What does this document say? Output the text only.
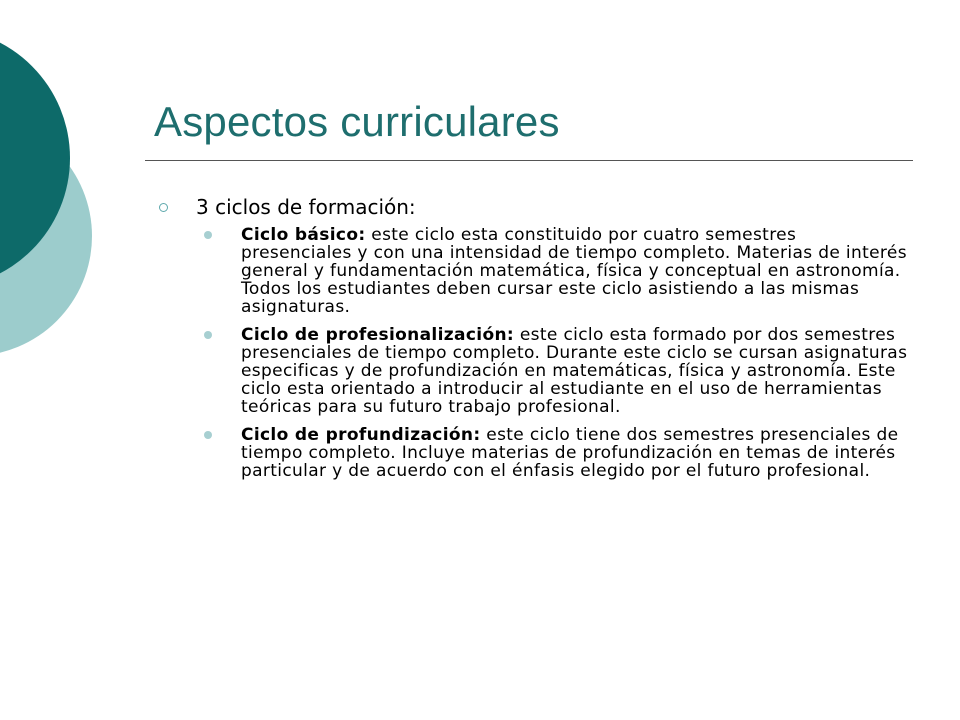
Aspectos curriculares
3 ciclos de formación:
Ciclo básico: este ciclo esta constituido por cuatro semestres presenciales y con una intensidad de tiempo completo. Materias de interés general y fundamentación matemática, física y conceptual en astronomía. Todos los estudiantes deben cursar este ciclo asistiendo a las mismas asignaturas.
Ciclo de profesionalización: este ciclo esta formado por dos semestres presenciales de tiempo completo. Durante este ciclo se cursan asignaturas especificas y de profundización en matemáticas, física y astronomía. Este ciclo esta orientado a introducir al estudiante en el uso de herramientas teóricas para su futuro trabajo profesional.
Ciclo de profundización: este ciclo tiene dos semestres presenciales de tiempo completo. Incluye materias de profundización en temas de interés particular y de acuerdo con el énfasis elegido por el futuro profesional.
